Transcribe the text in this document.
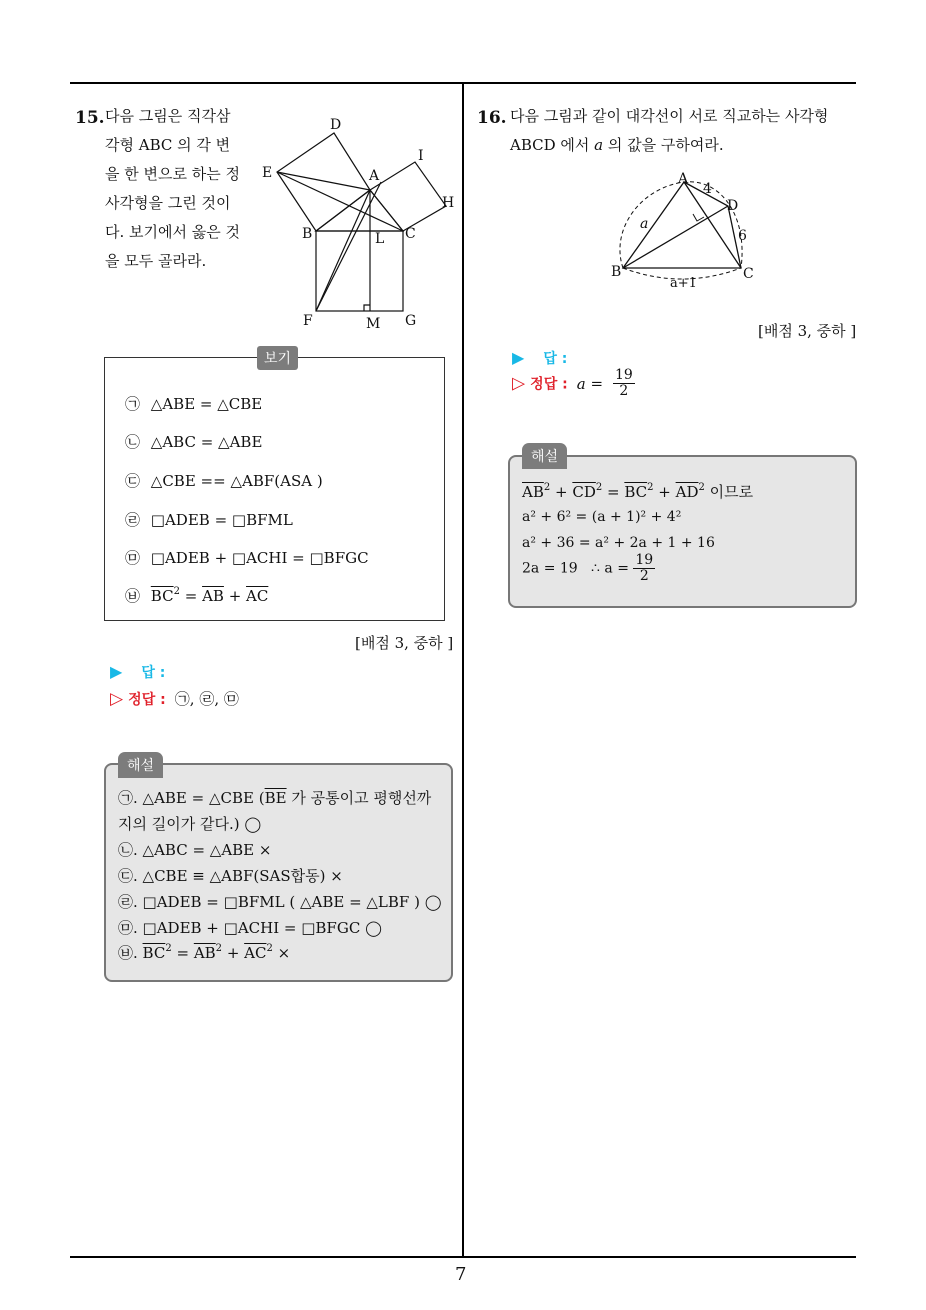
7
15. 다음 그림은 직각삼
각형 ABC 의 각 변
을 한 변으로 하는 정
사각형을 그린 것이
다. 보기에서 옳은 것
을 모두 골라라.
D
I
E	A
H
B	L C
F	M G
㉠ △ABE = △CBE
㉡ △ABC = △ABE
㉢ △CBE == △ABF(ASA )
㉣ □ADEB = □BFML
㉤ □ADEB + □ACHI = □BFGC
㉥ $\overline{BC}^2 = \overline{AB} + \overline{AC}$
보기
[배점 3, 중하 ]
▶ 답 :
▷ 정답 : ㉠, ㉣, ㉤
㉠. △ABE = △CBE ($\overline{BE}$ 가 공통이고 평행선까
지의 길이가 같다.) ◯
㉡. △ABC = △ABE ×
㉢. △CBE ≡ △ABF(SAS합동) ×
㉣. □ADEB = □BFML ( △ABE = △LBF ) ◯
㉤. □ADEB + □ACHI = □BFGC ◯
㉥. $\overline{BC}^2 = \overline{AB}^2 + \overline{AC}^2$ ×
해설
16. 다음 그림과 같이 대각선이 서로 직교하는 사각형
ABCD 에서 a 의 값을 구하여라.
A
4
D
6
a
B	C
a+1
[배점 3, 중하 ]
▶ 답 :
▷ 정답 : $a = \frac{19}{2}$
$\overline{AB}^2 + \overline{CD}^2 = \overline{BC}^2 + \overline{AD}^2$ 이므로
a² + 6² = (a + 1)² + 4²
a² + 36 = a² + 2a + 1 + 16
2a = 19   ∴ $a = \frac{19}{2}$
해설
